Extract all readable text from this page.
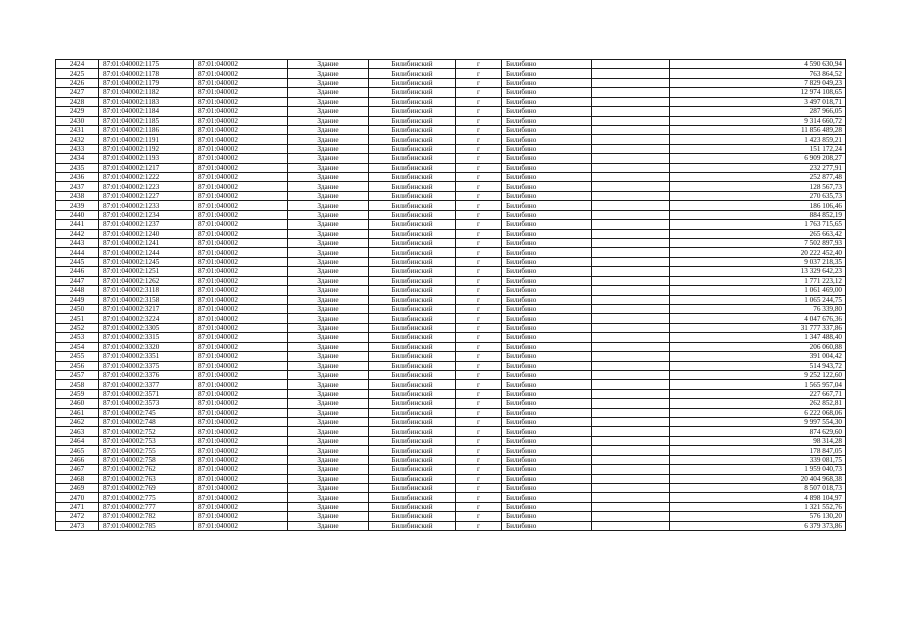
2424	87:01:040002:1175	87:01:040002	Здание	Билибинский	г	Билибино		4 590 630,94
2425	87:01:040002:1178	87:01:040002	Здание	Билибинский	г	Билибино		763 864,52
2426	87:01:040002:1179	87:01:040002	Здание	Билибинский	г	Билибино		7 829 049,23
2427	87:01:040002:1182	87:01:040002	Здание	Билибинский	г	Билибино		12 974 108,65
2428	87:01:040002:1183	87:01:040002	Здание	Билибинский	г	Билибино		3 497 018,71
2429	87:01:040002:1184	87:01:040002	Здание	Билибинский	г	Билибино		287 966,05
2430	87:01:040002:1185	87:01:040002	Здание	Билибинский	г	Билибино		9 314 660,72
2431	87:01:040002:1186	87:01:040002	Здание	Билибинский	г	Билибино		11 856 489,28
2432	87:01:040002:1191	87:01:040002	Здание	Билибинский	г	Билибино		1 423 859,21
2433	87:01:040002:1192	87:01:040002	Здание	Билибинский	г	Билибино		151 172,24
2434	87:01:040002:1193	87:01:040002	Здание	Билибинский	г	Билибино		6 909 208,27
2435	87:01:040002:1217	87:01:040002	Здание	Билибинский	г	Билибино		232 277,91
2436	87:01:040002:1222	87:01:040002	Здание	Билибинский	г	Билибино		252 877,48
2437	87:01:040002:1223	87:01:040002	Здание	Билибинский	г	Билибино		128 567,73
2438	87:01:040002:1227	87:01:040002	Здание	Билибинский	г	Билибино		270 635,73
2439	87:01:040002:1233	87:01:040002	Здание	Билибинский	г	Билибино		186 106,46
2440	87:01:040002:1234	87:01:040002	Здание	Билибинский	г	Билибино		884 852,19
2441	87:01:040002:1237	87:01:040002	Здание	Билибинский	г	Билибино		1 763 715,65
2442	87:01:040002:1240	87:01:040002	Здание	Билибинский	г	Билибино		265 663,42
2443	87:01:040002:1241	87:01:040002	Здание	Билибинский	г	Билибино		7 502 897,93
2444	87:01:040002:1244	87:01:040002	Здание	Билибинский	г	Билибино		20 222 452,40
2445	87:01:040002:1245	87:01:040002	Здание	Билибинский	г	Билибино		9 037 218,35
2446	87:01:040002:1251	87:01:040002	Здание	Билибинский	г	Билибино		13 329 642,23
2447	87:01:040002:1262	87:01:040002	Здание	Билибинский	г	Билибино		1 771 223,12
2448	87:01:040002:3118	87:01:040002	Здание	Билибинский	г	Билибино		1 061 469,00
2449	87:01:040002:3158	87:01:040002	Здание	Билибинский	г	Билибино		1 065 244,75
2450	87:01:040002:3217	87:01:040002	Здание	Билибинский	г	Билибино		76 339,80
2451	87:01:040002:3224	87:01:040002	Здание	Билибинский	г	Билибино		4 047 676,36
2452	87:01:040002:3305	87:01:040002	Здание	Билибинский	г	Билибино		31 777 337,86
2453	87:01:040002:3315	87:01:040002	Здание	Билибинский	г	Билибино		1 347 488,40
2454	87:01:040002:3320	87:01:040002	Здание	Билибинский	г	Билибино		206 060,88
2455	87:01:040002:3351	87:01:040002	Здание	Билибинский	г	Билибино		391 004,42
2456	87:01:040002:3375	87:01:040002	Здание	Билибинский	г	Билибино		514 943,72
2457	87:01:040002:3376	87:01:040002	Здание	Билибинский	г	Билибино		9 252 122,60
2458	87:01:040002:3377	87:01:040002	Здание	Билибинский	г	Билибино		1 565 957,04
2459	87:01:040002:3571	87:01:040002	Здание	Билибинский	г	Билибино		227 667,71
2460	87:01:040002:3573	87:01:040002	Здание	Билибинский	г	Билибино		262 852,81
2461	87:01:040002:745	87:01:040002	Здание	Билибинский	г	Билибино		6 222 068,06
2462	87:01:040002:748	87:01:040002	Здание	Билибинский	г	Билибино		9 997 554,30
2463	87:01:040002:752	87:01:040002	Здание	Билибинский	г	Билибино		874 629,60
2464	87:01:040002:753	87:01:040002	Здание	Билибинский	г	Билибино		98 314,28
2465	87:01:040002:755	87:01:040002	Здание	Билибинский	г	Билибино		178 847,05
2466	87:01:040002:758	87:01:040002	Здание	Билибинский	г	Билибино		339 081,75
2467	87:01:040002:762	87:01:040002	Здание	Билибинский	г	Билибино		1 959 040,73
2468	87:01:040002:763	87:01:040002	Здание	Билибинский	г	Билибино		20 404 968,38
2469	87:01:040002:769	87:01:040002	Здание	Билибинский	г	Билибино		8 507 018,73
2470	87:01:040002:775	87:01:040002	Здание	Билибинский	г	Билибино		4 898 104,97
2471	87:01:040002:777	87:01:040002	Здание	Билибинский	г	Билибино		1 321 552,76
2472	87:01:040002:782	87:01:040002	Здание	Билибинский	г	Билибино		576 130,20
2473	87:01:040002:785	87:01:040002	Здание	Билибинский	г	Билибино		6 379 373,86
